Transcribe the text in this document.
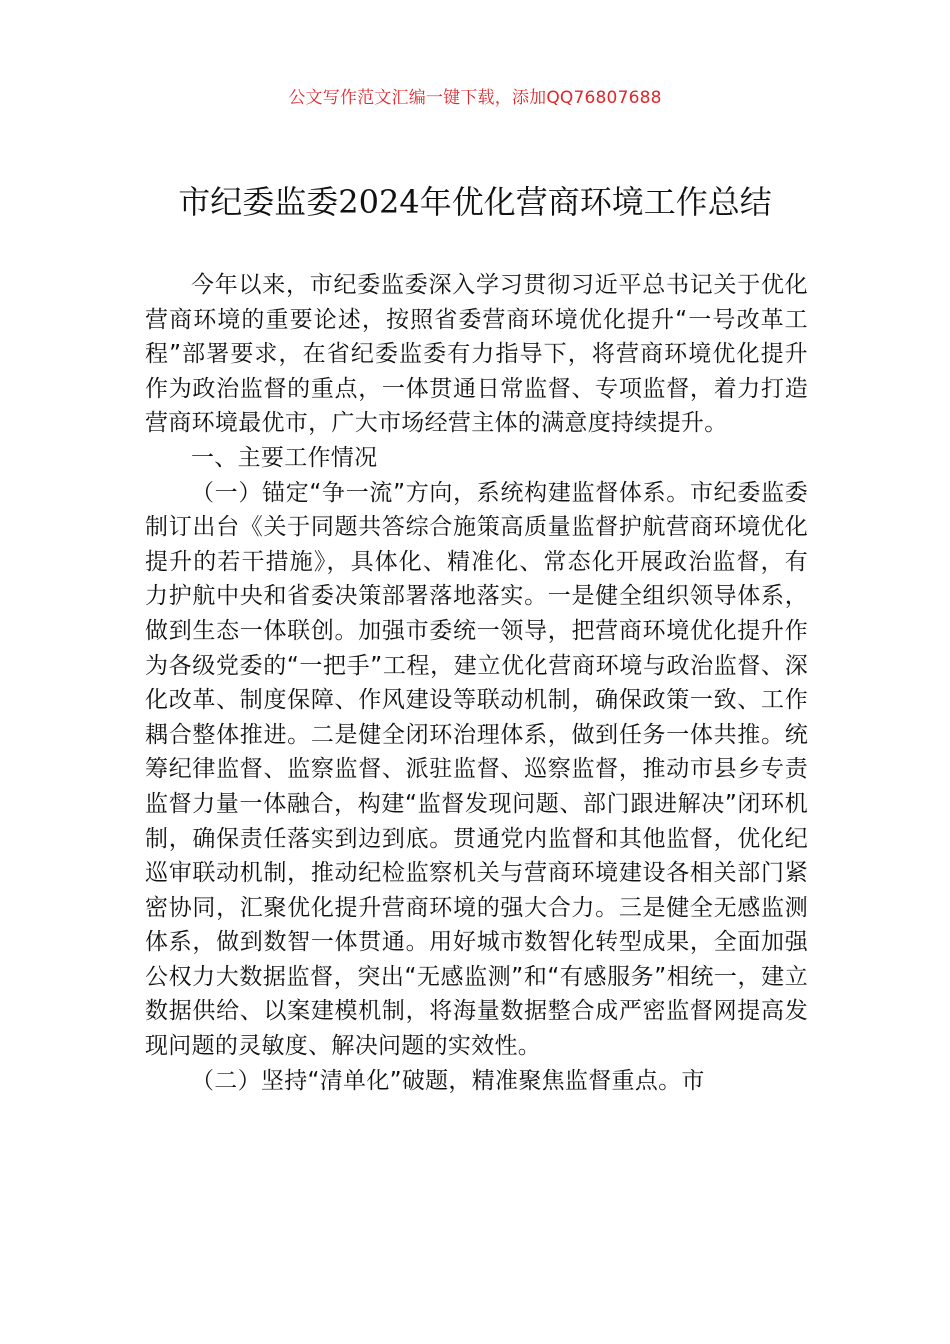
公文写作范文汇编一键下载，添加QQ76807688
市纪委监委2024年优化营商环境工作总结

今年以来，市纪委监委深入学习贯彻习近平总书记关于优化营商环境的重要论述，按照省委营商环境优化提升“一号改革工程”部署要求，在省纪委监委有力指导下，将营商环境优化提升作为政治监督的重点，一体贯通日常监督、专项监督，着力打造营商环境最优市，广大市场经营主体的满意度持续提升。

一、主要工作情况

（一）锚定“争一流”方向，系统构建监督体系。市纪委监委制订出台《关于同题共答综合施策高质量监督护航营商环境优化提升的若干措施》，具体化、精准化、常态化开展政治监督，有力护航中央和省委决策部署落地落实。一是健全组织领导体系，做到生态一体联创。加强市委统一领导，把营商环境优化提升作为各级党委的“一把手”工程，建立优化营商环境与政治监督、深化改革、制度保障、作风建设等联动机制，确保政策一致、工作耦合整体推进。二是健全闭环治理体系，做到任务一体共推。统筹纪律监督、监察监督、派驻监督、巡察监督，推动市县乡专责监督力量一体融合，构建“监督发现问题、部门跟进解决”闭环机制，确保责任落实到边到底。贯通党内监督和其他监督，优化纪巡审联动机制，推动纪检监察机关与营商环境建设各相关部门紧密协同，汇聚优化提升营商环境的强大合力。三是健全无感监测体系，做到数智一体贯通。用好城市数智化转型成果，全面加强公权力大数据监督，突出“无感监测”和“有感服务”相统一，建立数据供给、以案建模机制，将海量数据整合成严密监督网提高发现问题的灵敏度、解决问题的实效性。

（二）坚持“清单化”破题，精准聚焦监督重点。市
